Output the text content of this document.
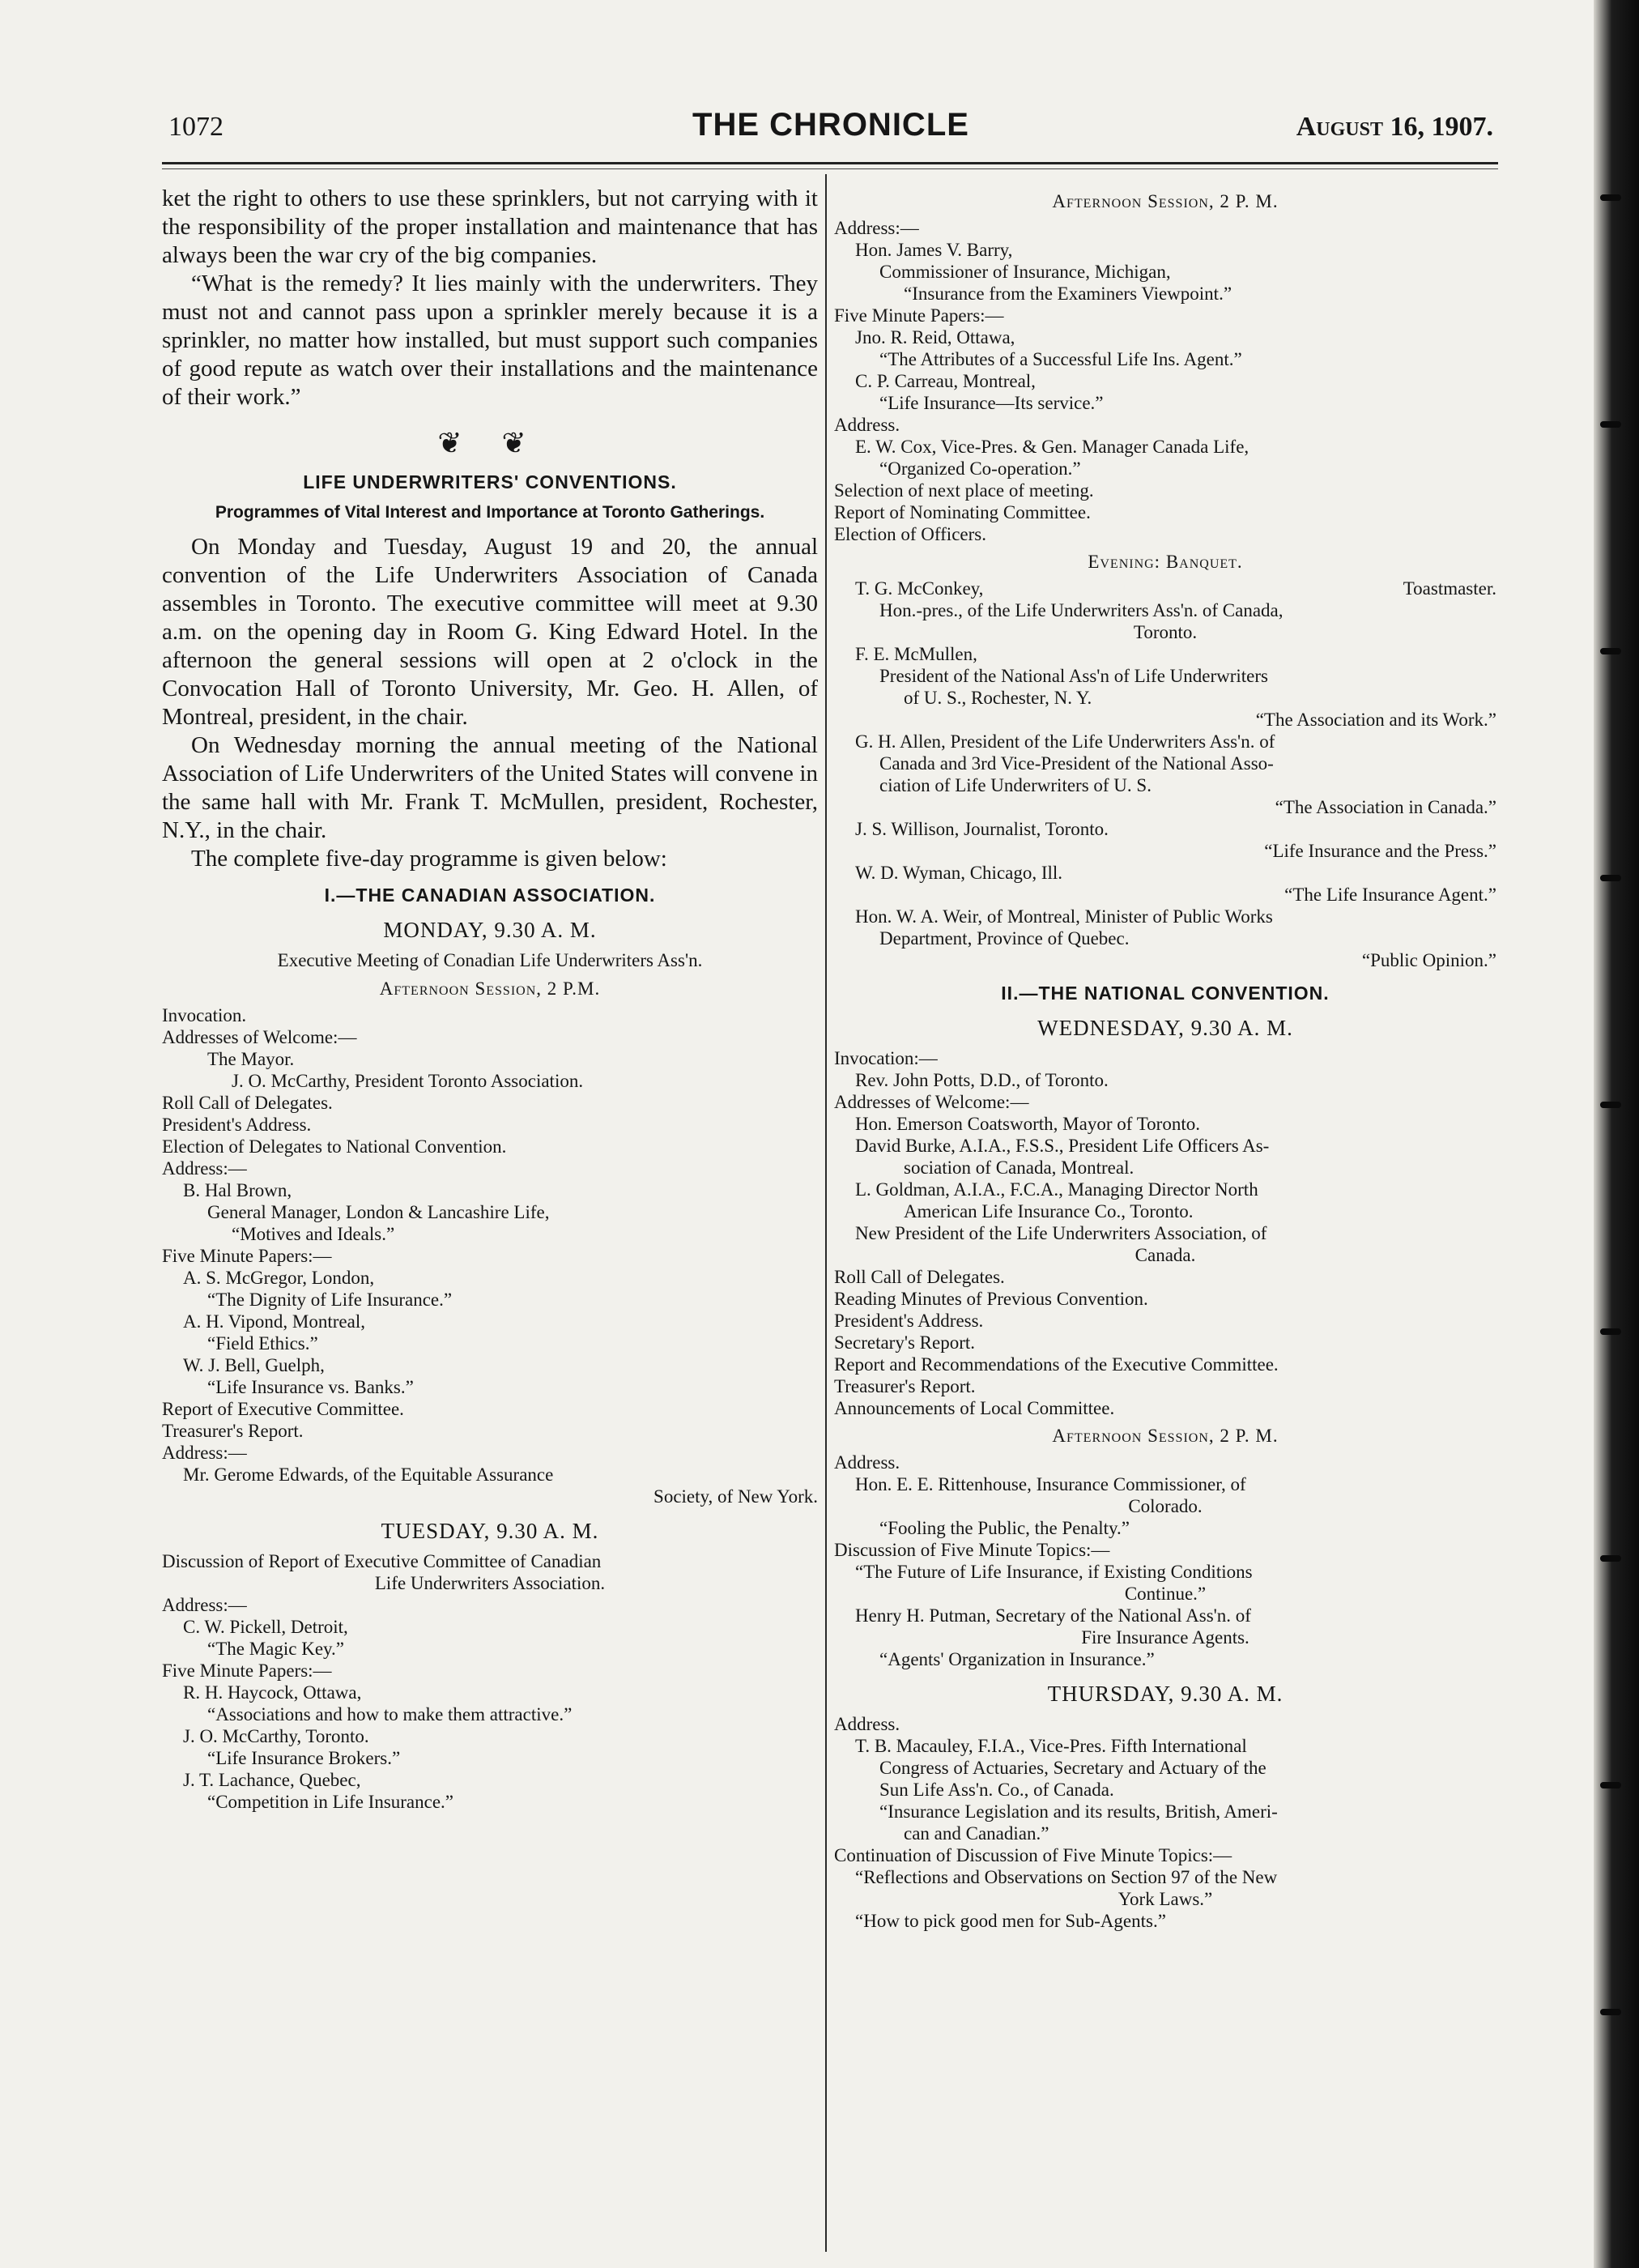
1072	THE CHRONICLE	August 16, 1907.

ket the right to others to use these sprinklers, but not carrying with it the responsibility of the proper installation and maintenance that has always been the war cry of the big companies.

“What is the remedy? It lies mainly with the underwriters. They must not and cannot pass upon a sprinkler merely because it is a sprinkler, no matter how installed, but must support such companies of good repute as watch over their installations and the maintenance of their work.”

❦ ❦
LIFE UNDERWRITERS' CONVENTIONS.
Programmes of Vital Interest and Importance at Toronto Gatherings.

On Monday and Tuesday, August 19 and 20, the annual convention of the Life Underwriters Association of Canada assembles in Toronto. The executive committee will meet at 9.30 a.m. on the opening day in Room G. King Edward Hotel. In the afternoon the general sessions will open at 2 o'clock in the Convocation Hall of Toronto University, Mr. Geo. H. Allen, of Montreal, president, in the chair.

On Wednesday morning the annual meeting of the National Association of Life Underwriters of the United States will convene in the same hall with Mr. Frank T. McMullen, president, Rochester, N.Y., in the chair.

The complete five-day programme is given below:

I.—THE CANADIAN ASSOCIATION.
MONDAY, 9.30 A. M.
Executive Meeting of Conadian Life Underwriters Ass'n.
Afternoon Session, 2 P.M.
Invocation.
Addresses of Welcome:—
The Mayor.
J. O. McCarthy, President Toronto Association.
Roll Call of Delegates.
President's Address.
Election of Delegates to National Convention.
Address:—
B. Hal Brown,
General Manager, London & Lancashire Life,
“Motives and Ideals.”
Five Minute Papers:—
A. S. McGregor, London,
“The Dignity of Life Insurance.”
A. H. Vipond, Montreal,
“Field Ethics.”
W. J. Bell, Guelph,
“Life Insurance vs. Banks.”
Report of Executive Committee.
Treasurer's Report.
Address:—
Mr. Gerome Edwards, of the Equitable Assurance
Society, of New York.
TUESDAY, 9.30 A. M.
Discussion of Report of Executive Committee of Canadian
Life Underwriters Association.
Address:—
C. W. Pickell, Detroit,
“The Magic Key.”
Five Minute Papers:—
R. H. Haycock, Ottawa,
“Associations and how to make them attractive.”
J. O. McCarthy, Toronto.
“Life Insurance Brokers.”
J. T. Lachance, Quebec,
“Competition in Life Insurance.”
Afternoon Session, 2 P. M.
Address:—
Hon. James V. Barry,
Commissioner of Insurance, Michigan,
“Insurance from the Examiners Viewpoint.”
Five Minute Papers:—
Jno. R. Reid, Ottawa,
“The Attributes of a Successful Life Ins. Agent.”
C. P. Carreau, Montreal,
“Life Insurance—Its service.”
Address.
E. W. Cox, Vice-Pres. & Gen. Manager Canada Life,
“Organized Co-operation.”
Selection of next place of meeting.
Report of Nominating Committee.
Election of Officers.
Evening: Banquet.
T. G. McConkey,	Toastmaster.
Hon.-pres., of the Life Underwriters Ass'n. of Canada,
Toronto.
F. E. McMullen,
President of the National Ass'n of Life Underwriters
of U. S., Rochester, N. Y.
“The Association and its Work.”
G. H. Allen, President of the Life Underwriters Ass'n. of
Canada and 3rd Vice-President of the National Asso-
ciation of Life Underwriters of U. S.
“The Association in Canada.”
J. S. Willison, Journalist, Toronto.
“Life Insurance and the Press.”
W. D. Wyman, Chicago, Ill.
“The Life Insurance Agent.”
Hon. W. A. Weir, of Montreal, Minister of Public Works
Department, Province of Quebec.
“Public Opinion.”
II.—THE NATIONAL CONVENTION.
WEDNESDAY, 9.30 A. M.
Invocation:—
Rev. John Potts, D.D., of Toronto.
Addresses of Welcome:—
Hon. Emerson Coatsworth, Mayor of Toronto.
David Burke, A.I.A., F.S.S., President Life Officers As-
sociation of Canada, Montreal.
L. Goldman, A.I.A., F.C.A., Managing Director North
American Life Insurance Co., Toronto.
New President of the Life Underwriters Association, of
Canada.
Roll Call of Delegates.
Reading Minutes of Previous Convention.
President's Address.
Secretary's Report.
Report and Recommendations of the Executive Committee.
Treasurer's Report.
Announcements of Local Committee.
Afternoon Session, 2 P. M.
Address.
Hon. E. E. Rittenhouse, Insurance Commissioner, of
Colorado.
“Fooling the Public, the Penalty.”
Discussion of Five Minute Topics:—
“The Future of Life Insurance, if Existing Conditions
Continue.”
Henry H. Putman, Secretary of the National Ass'n. of
Fire Insurance Agents.
“Agents' Organization in Insurance.”
THURSDAY, 9.30 A. M.
Address.
T. B. Macauley, F.I.A., Vice-Pres. Fifth International
Congress of Actuaries, Secretary and Actuary of the
Sun Life Ass'n. Co., of Canada.
“Insurance Legislation and its results, British, Ameri-
can and Canadian.”
Continuation of Discussion of Five Minute Topics:—
“Reflections and Observations on Section 97 of the New
York Laws.”
“How to pick good men for Sub-Agents.”
